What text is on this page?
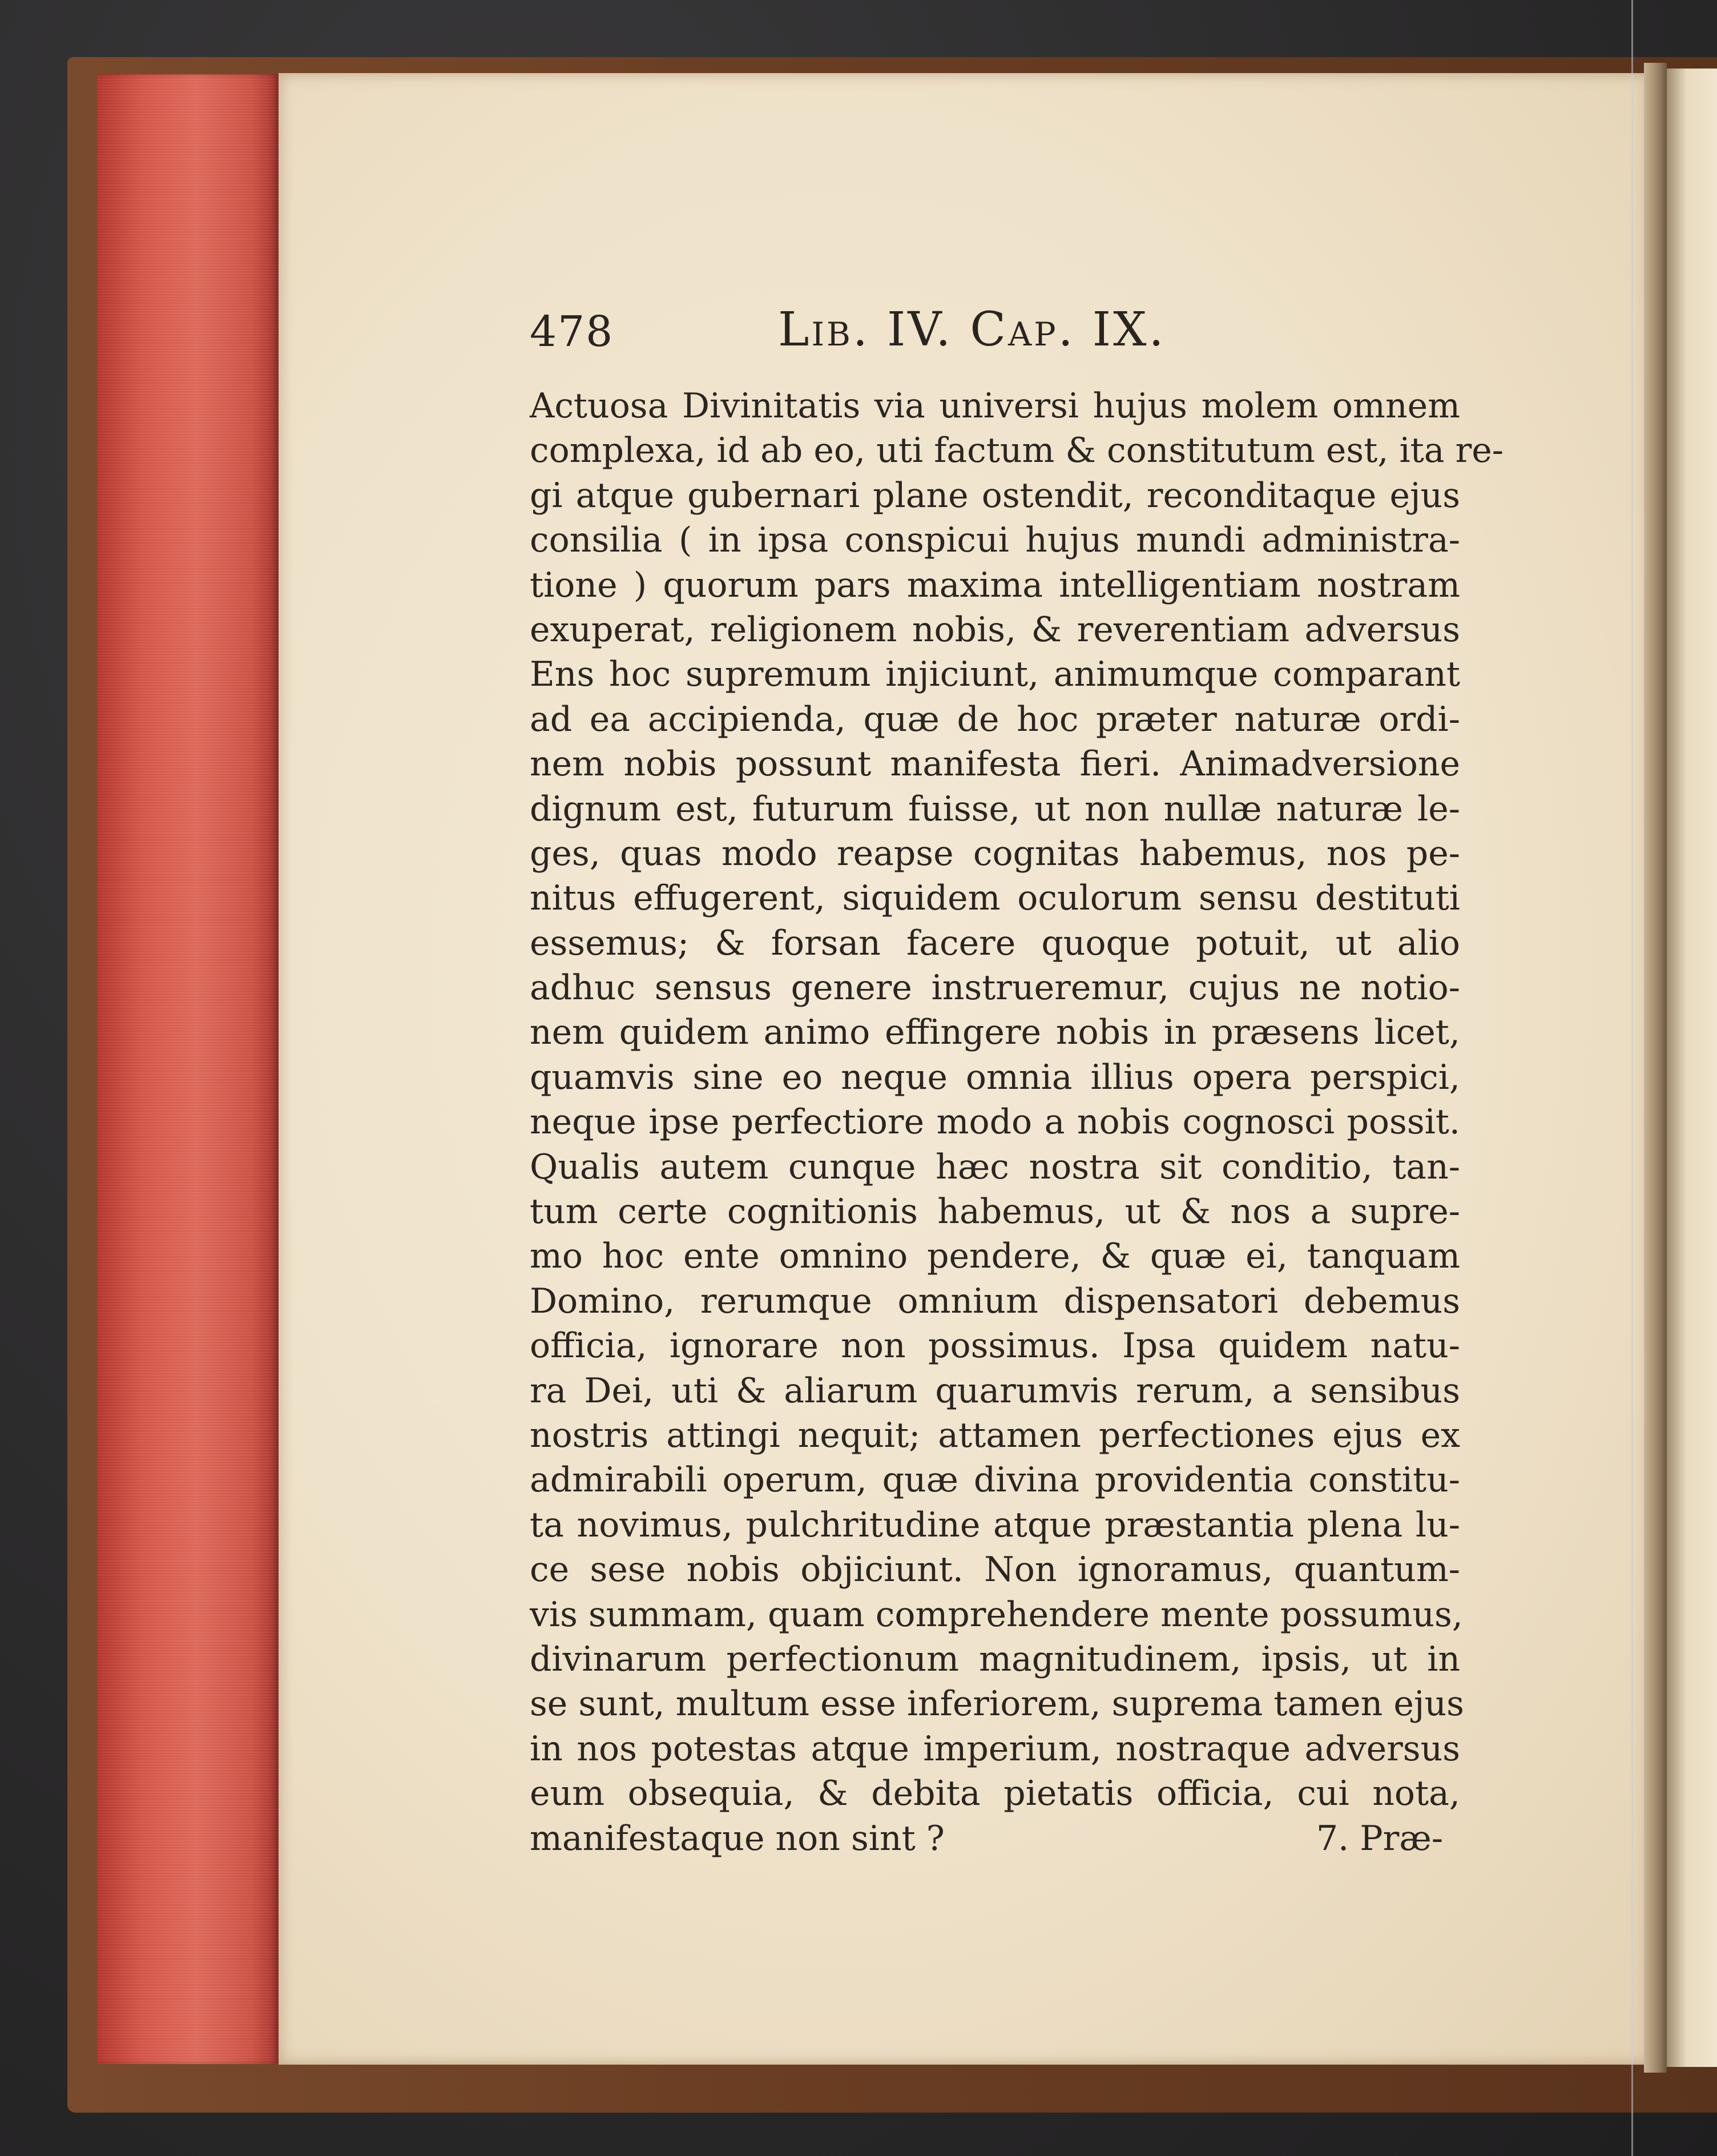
478	Lib. IV. Cap. IX.
Actuosa Divinitatis via universi hujus molem omnem
complexa, id ab eo, uti factum & constitutum est, ita re-
gi atque gubernari plane ostendit, reconditaque ejus
consilia ( in ipsa conspicui hujus mundi administra-
tione ) quorum pars maxima intelligentiam nostram
exuperat, religionem nobis, & reverentiam adversus
Ens hoc supremum injiciunt, animumque comparant
ad ea accipienda, quæ de hoc præter naturæ ordi-
nem nobis possunt manifesta fieri. Animadversione
dignum est, futurum fuisse, ut non nullæ naturæ le-
ges, quas modo reapse cognitas habemus, nos pe-
nitus effugerent, siquidem oculorum sensu destituti
essemus; & forsan facere quoque potuit, ut alio
adhuc sensus genere instrueremur, cujus ne notio-
nem quidem animo effingere nobis in præsens licet,
quamvis sine eo neque omnia illius opera perspici,
neque ipse perfectiore modo a nobis cognosci possit.
Qualis autem cunque hæc nostra sit conditio, tan-
tum certe cognitionis habemus, ut & nos a supre-
mo hoc ente omnino pendere, & quæ ei, tanquam
Domino, rerumque omnium dispensatori debemus
officia, ignorare non possimus. Ipsa quidem natu-
ra Dei, uti & aliarum quarumvis rerum, a sensibus
nostris attingi nequit; attamen perfectiones ejus ex
admirabili operum, quæ divina providentia constitu-
ta novimus, pulchritudine atque præstantia plena lu-
ce sese nobis objiciunt. Non ignoramus, quantum-
vis summam, quam comprehendere mente possumus,
divinarum perfectionum magnitudinem, ipsis, ut in
se sunt, multum esse inferiorem, suprema tamen ejus
in nos potestas atque imperium, nostraque adversus
eum obsequia, & debita pietatis officia, cui nota,
manifestaque non sint ?	7. Præ-
